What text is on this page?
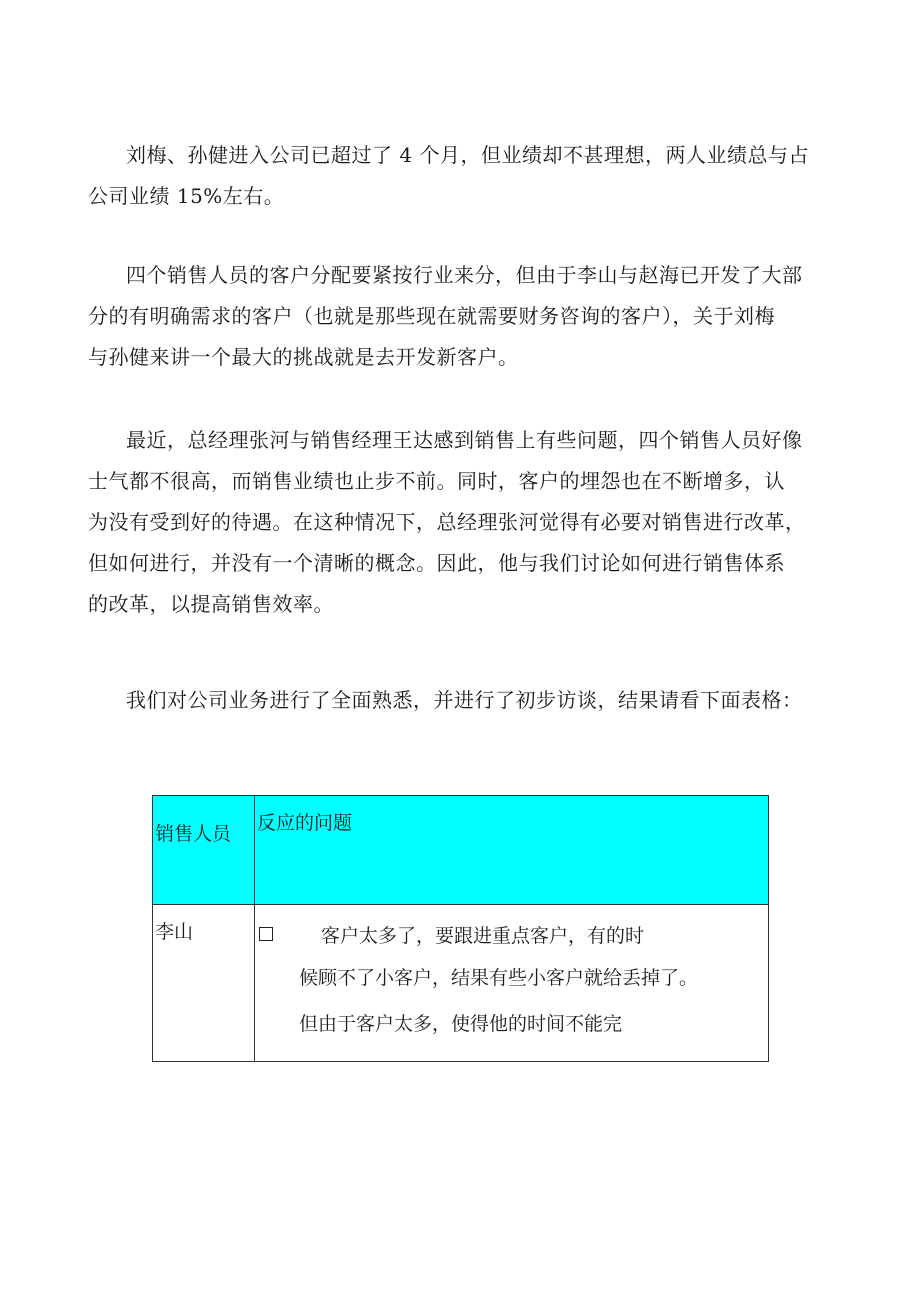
刘梅、孙健进入公司已超过了 4 个月，但业绩却不甚理想，两人业绩总与占
公司业绩 15%左右。

四个销售人员的客户分配要紧按行业来分，但由于李山与赵海已开发了大部
分的有明确需求的客户（也就是那些现在就需要财务咨询的客户），关于刘梅
与孙健来讲一个最大的挑战就是去开发新客户。

最近，总经理张河与销售经理王达感到销售上有些问题，四个销售人员好像
士气都不很高，而销售业绩也止步不前。同时，客户的埋怨也在不断增多，认
为没有受到好的待遇。在这种情况下，总经理张河觉得有必要对销售进行改革，
但如何进行，并没有一个清晰的概念。因此，他与我们讨论如何进行销售体系
的改革，以提高销售效率。

我们对公司业务进行了全面熟悉，并进行了初步访谈，结果请看下面表格：

销售人员	反应的问题
李山	客户太多了，要跟进重点客户，有的时
候顾不了小客户，结果有些小客户就给丢掉了。
但由于客户太多，使得他的时间不能完
